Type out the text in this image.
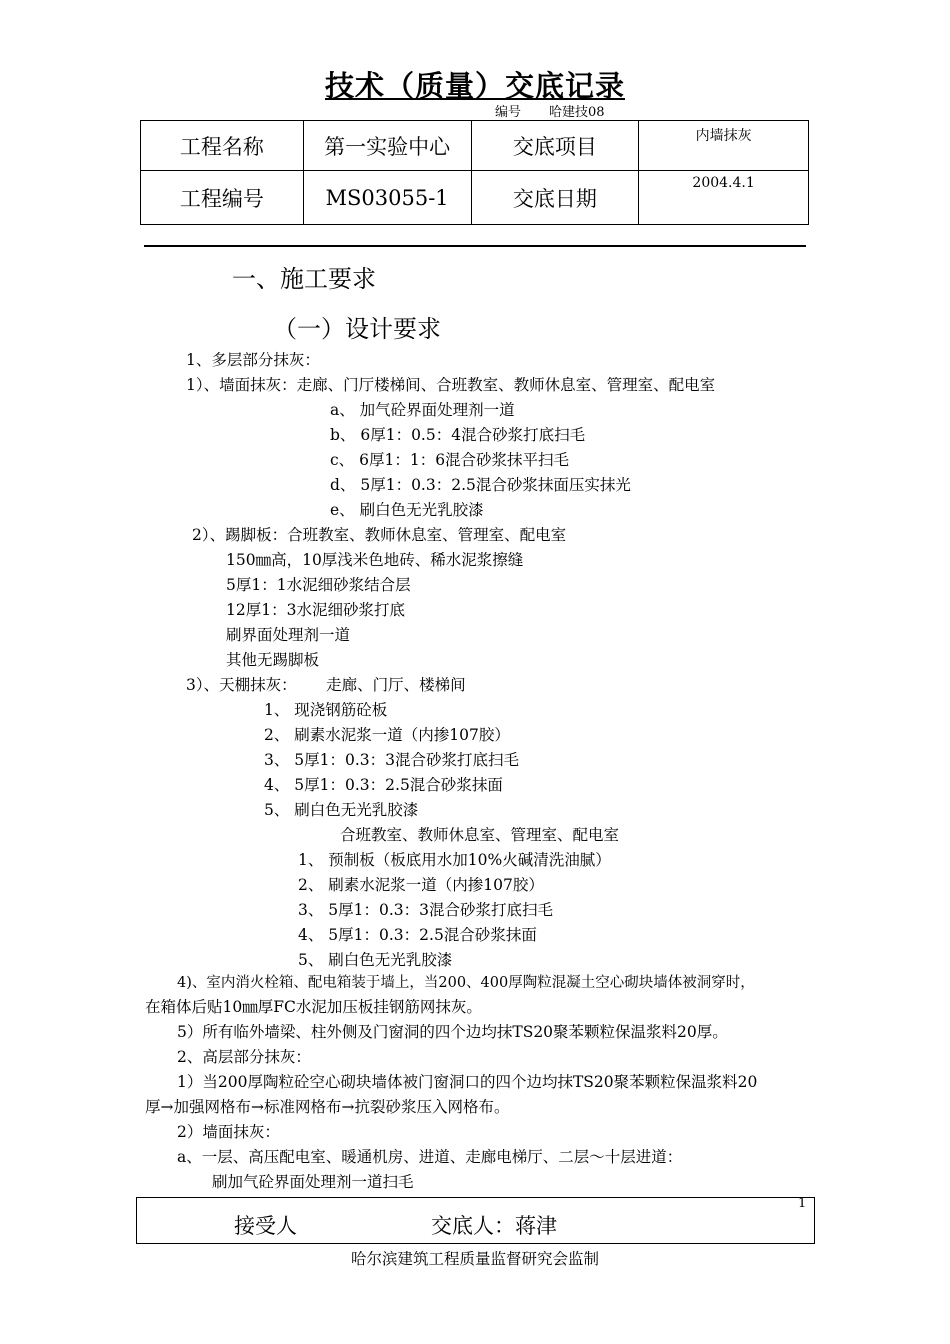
技术（质量）交底记录
编号 哈建技08
工程名称	第一实验中心	交底项目	内墙抹灰
工程编号	MS03055-1	交底日期	2004.4.1
一、施工要求
（一）设计要求
1、多层部分抹灰：
1）、墙面抹灰：走廊、门厅楼梯间、合班教室、教师休息室、管理室、配电室
a、 加气砼界面处理剂一道
b、 6厚1：0.5：4混合砂浆打底扫毛
c、 6厚1：1：6混合砂浆抹平扫毛
d、 5厚1：0.3：2.5混合砂浆抹面压实抹光
e、 刷白色无光乳胶漆
2）、踢脚板：合班教室、教师休息室、管理室、配电室
150㎜高，10厚浅米色地砖、稀水泥浆擦缝
5厚1：1水泥细砂浆结合层
12厚1：3水泥细砂浆打底
刷界面处理剂一道
其他无踢脚板
3）、天棚抹灰：      走廊、门厅、楼梯间
1、 现浇钢筋砼板
2、 刷素水泥浆一道（内掺107胶）
3、 5厚1：0.3：3混合砂浆打底扫毛
4、 5厚1：0.3：2.5混合砂浆抹面
5、 刷白色无光乳胶漆
合班教室、教师休息室、管理室、配电室
1、 预制板（板底用水加10%火碱清洗油腻）
2、 刷素水泥浆一道（内掺107胶）
3、 5厚1：0.3：3混合砂浆打底扫毛
4、 5厚1：0.3：2.5混合砂浆抹面
5、 刷白色无光乳胶漆
4)、室内消火栓箱、配电箱装于墙上，当200、400厚陶粒混凝土空心砌块墙体被洞穿时，
在箱体后贴10㎜厚FC水泥加压板挂钢筋网抹灰。
5）所有临外墙梁、柱外侧及门窗洞的四个边均抹TS20聚苯颗粒保温浆料20厚。
2、高层部分抹灰：
1）当200厚陶粒砼空心砌块墙体被门窗洞口的四个边均抹TS20聚苯颗粒保温浆料20
厚→加强网格布→标准网格布→抗裂砂浆压入网格布。
2）墙面抹灰：
a、一层、高压配电室、暖通机房、进道、走廊电梯厅、二层～十层进道：
刷加气砼界面处理剂一道扫毛
1
接受人	交底人：蒋津
哈尔滨建筑工程质量监督研究会监制
